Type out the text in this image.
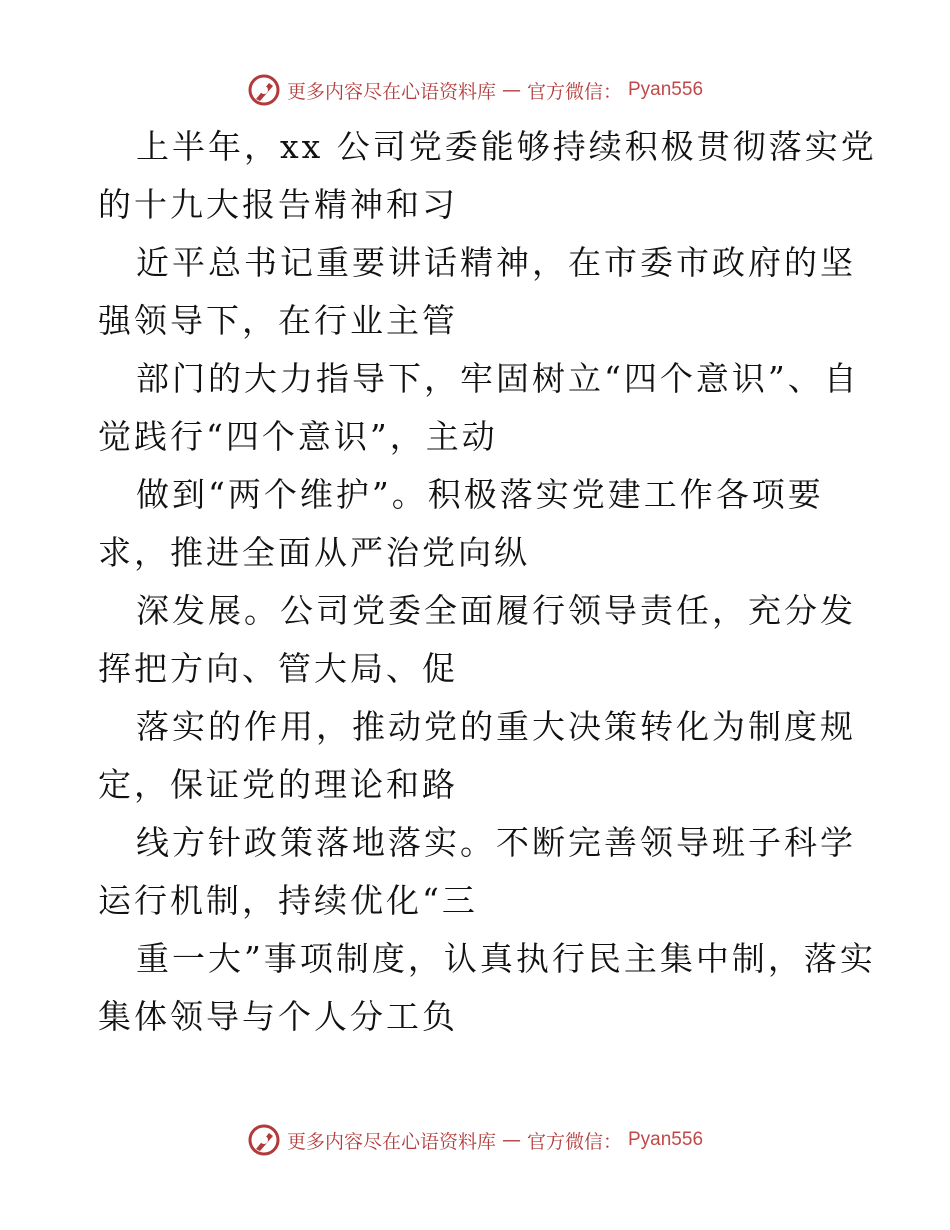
更多内容尽在心语资料库 — 官方微信： Pyan556

上半年，xx 公司党委能够持续积极贯彻落实党的十九大报告精神和习

近平总书记重要讲话精神，在市委市政府的坚强领导下，在行业主管

部门的大力指导下，牢固树立“四个意识”、自觉践行“四个意识”，主动

做到“两个维护”。积极落实党建工作各项要求，推进全面从严治党向纵

深发展。公司党委全面履行领导责任，充分发挥把方向、管大局、促

落实的作用，推动党的重大决策转化为制度规定，保证党的理论和路

线方针政策落地落实。不断完善领导班子科学运行机制，持续优化“三

重一大”事项制度，认真执行民主集中制，落实集体领导与个人分工负

更多内容尽在心语资料库 — 官方微信： Pyan556
